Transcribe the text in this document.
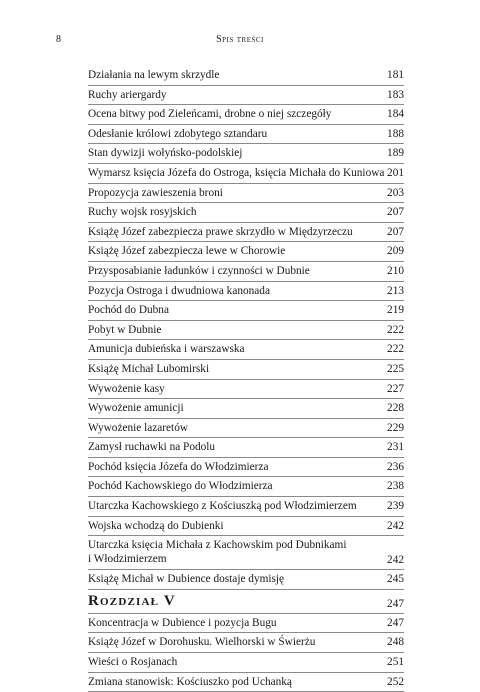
8	Spis treści
Działania na lewym skrzydle	181
Ruchy ariergardy	183
Ocena bitwy pod Zieleńcami, drobne o niej szczegóły	184
Odesłanie królowi zdobytego sztandaru	188
Stan dywizji wołyńsko-podolskiej	189
Wymarsz księcia Józefa do Ostroga, księcia Michała do Kuniowa 201
Propozycja zawieszenia broni	203
Ruchy wojsk rosyjskich	207
Książę Józef zabezpiecza prawe skrzydło w Międzyrzeczu	207
Książę Józef zabezpiecza lewe w Chorowie	209
Przysposabianie ładunków i czynności w Dubnie	210
Pozycja Ostroga i dwudniowa kanonada	213
Pochód do Dubna	219
Pobyt w Dubnie	222
Amunicja dubieńska i warszawska	222
Książę Michał Lubomirski	225
Wywożenie kasy	227
Wywożenie amunicji	228
Wywożenie lazaretów	229
Zamysł ruchawki na Podolu	231
Pochód księcia Józefa do Włodzimierza	236
Pochód Kachowskiego do Włodzimierza	238
Utarczka Kachowskiego z Kościuszką pod Włodzimierzem	239
Wojska wchodzą do Dubienki	242
Utarczka księcia Michała z Kachowskim pod Dubnikami
i Włodzimierzem	242
Książę Michał w Dubience dostaje dymisję	245
Rozdział V	247
Koncentracja w Dubience i pozycja Bugu	247
Książę Józef w Dorohusku. Wielhorski w Świerżu	248
Wieści o Rosjanach	251
Zmiana stanowisk: Kościuszko pod Uchanką	252
